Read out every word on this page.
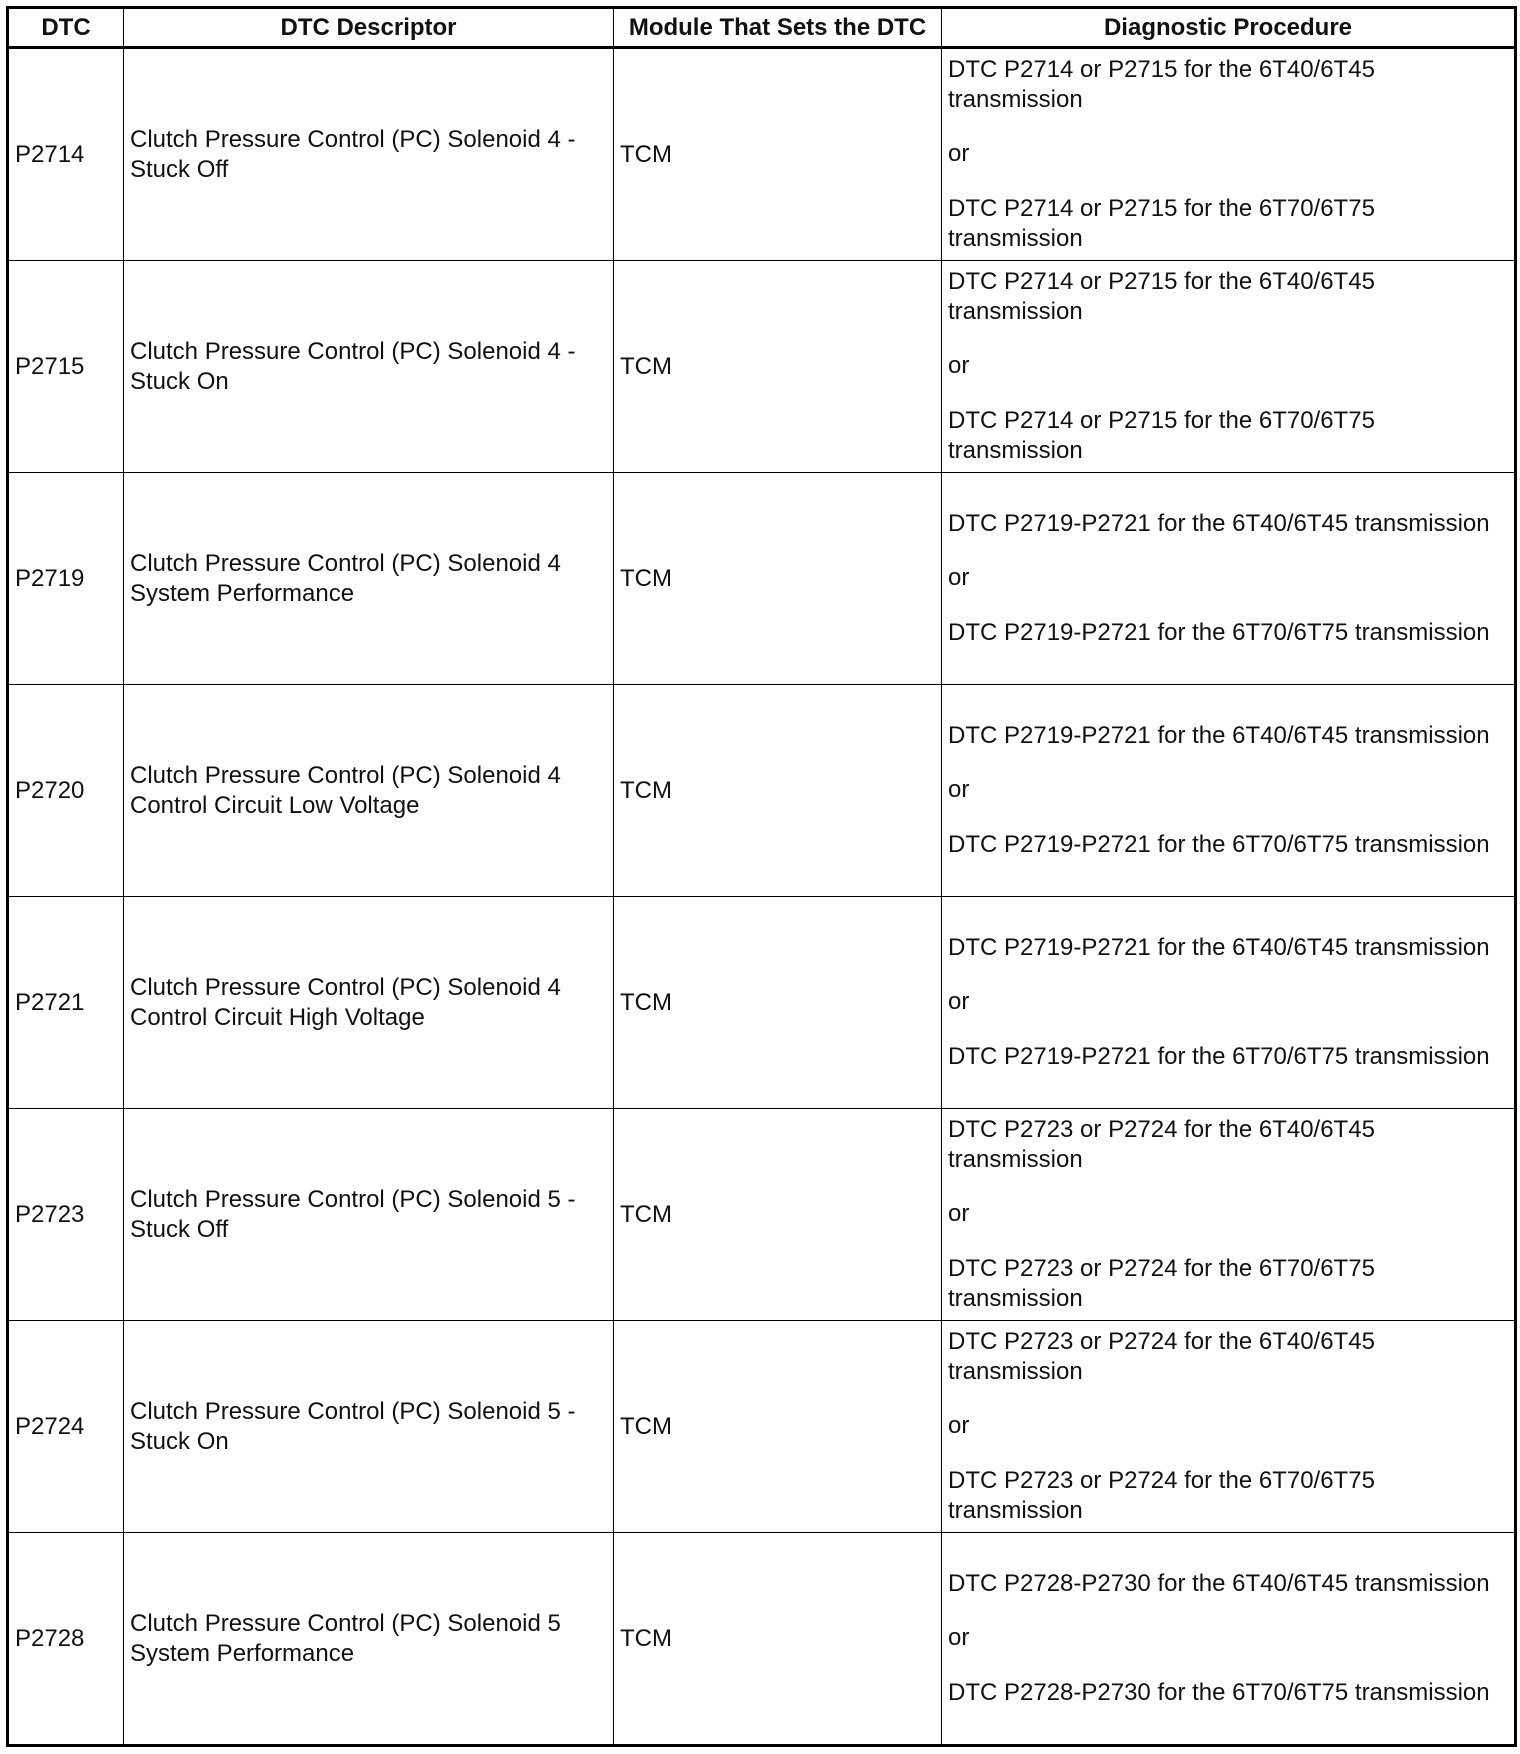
DTC	DTC Descriptor	Module That Sets the DTC	Diagnostic Procedure
P2714	Clutch Pressure Control (PC) Solenoid 4 -
Stuck Off	TCM	DTC P2714 or P2715 for the 6T40/6T45 transmission
or
DTC P2714 or P2715 for the 6T70/6T75 transmission

P2715	Clutch Pressure Control (PC) Solenoid 4 -
Stuck On	TCM	DTC P2714 or P2715 for the 6T40/6T45 transmission
or
DTC P2714 or P2715 for the 6T70/6T75 transmission

P2719	Clutch Pressure Control (PC) Solenoid 4
System Performance	TCM	DTC P2719-P2721 for the 6T40/6T45 transmission
or
DTC P2719-P2721 for the 6T70/6T75 transmission

P2720	Clutch Pressure Control (PC) Solenoid 4
Control Circuit Low Voltage	TCM	DTC P2719-P2721 for the 6T40/6T45 transmission
or
DTC P2719-P2721 for the 6T70/6T75 transmission

P2721	Clutch Pressure Control (PC) Solenoid 4
Control Circuit High Voltage	TCM	DTC P2719-P2721 for the 6T40/6T45 transmission
or
DTC P2719-P2721 for the 6T70/6T75 transmission

P2723	Clutch Pressure Control (PC) Solenoid 5 -
Stuck Off	TCM	DTC P2723 or P2724 for the 6T40/6T45 transmission
or
DTC P2723 or P2724 for the 6T70/6T75 transmission

P2724	Clutch Pressure Control (PC) Solenoid 5 -
Stuck On	TCM	DTC P2723 or P2724 for the 6T40/6T45 transmission
or
DTC P2723 or P2724 for the 6T70/6T75 transmission

P2728	Clutch Pressure Control (PC) Solenoid 5
System Performance	TCM	DTC P2728-P2730 for the 6T40/6T45 transmission
or
DTC P2728-P2730 for the 6T70/6T75 transmission
